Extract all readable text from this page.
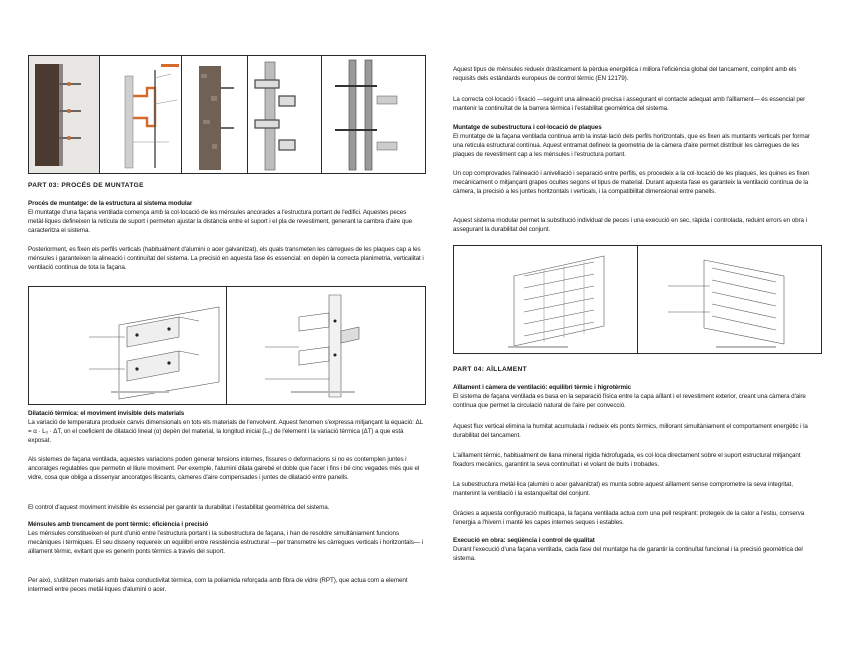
PART 03: PROCÉS DE MUNTATGE

Procés de muntatge: de la estructura al sistema modular

El muntatge d'una façana ventilada comença amb la col·locació de les ménsules ancorades a l'estructura portant de l'edifici. Aquestes peces metàl·liques defineixen la retícula de suport i permeten ajustar la distància entre el suport i el pla de revestiment, generant la cambra d'aire que caracteritza el sistema.

Posteriorment, es fixen els perfils verticals (habitualment d'alumini o acer galvanitzat), els quals transmeten les càrregues de les plaques cap a les ménsules i garanteixen la alineació i continuïtat del sistema. La precisió en aquesta fase és essencial: en depèn la correcta planimetria, verticalitat i ventilació contínua de tota la façana.

Dilatació tèrmica: el moviment invisible dels materials

La variació de temperatura produeix canvis dimensionals en tots els materials de l'envolvent. Aquest fenomen s'expressa mitjançant la equació: ΔL = α · L₀ · ΔT, on el coeficient de dilatació lineal (α) depèn del material, la longitud inicial (L₀) de l'element i la variació tèrmica (ΔT) a que està exposat.

Als sistemes de façana ventilada, aquestes variacions poden generar tensions internes, fissures o deformacions si no es contemplen juntes i ancoratges regulables que permetin el lliure moviment. Per exemple, l'alumini dilata gairebé el doble que l'acer i fins i bé cinc vegades més que el vidre, cosa que obliga a dissenyar ancoratges lliscants, càmeres d'aire compensades i juntes de dilatació entre panells.

El control d'aquest moviment invisible és essencial per garantir la durabilitat i l'estabilitat geomètrica del sistema.

Ménsules amb trencament de pont tèrmic: eficiència i precisió

Les ménsules constitueixen el punt d'unió entre l'estructura portant i la subestructura de façana, i han de resoldre simultàniament funcions mecàniques i tèrmiques. El seu disseny requereix un equilibri entre resistència estructural —per transmetre les càrregues verticals i horitzontals— i aïllament tèrmic, evitant que es generin ponts tèrmics a través del suport.

Per aixó, s'utilitzen materials amb baixa conductivitat tèrmica, com la poliamida reforçada amb fibra de vidre (RPT), que actua com a element intermedi entre peces metàl·liques d'alumini o acer.

Aquest tipus de ménsules redueix dràsticament la pèrdua energètica i millora l'eficiència global del tancament, complint amb els requisits dels estàndards europeus de control tèrmic (EN 12179).

La correcta col·locació i fixació —seguint una alineació precisa i assegurant el contacte adequat amb l'aïllament— és essencial per mantenir la continuïtat de la barrera tèrmica i l'estabilitat geomètrica del sistema.

Muntatge de subestructura i col·locació de plaques

El muntatge de la façana ventilada continua amb la instal·lació dels perfils horitzontals, que es fixen als muntants verticals per formar una retícula estructural contínua. Aquest entramat defineix la geometria de la càmera d'aire permet distribuir les càrregues de les plaques de revestiment cap a les ménsules i l'estructura portant.

Un cop comprovades l'alineació i anivellació i separació entre perfils, es procedeix a la col·locació de les plaques, les quines es fixen mecànicament o mitjançant grapes ocultes segons el tipus de material. Durant aquesta fase es garanteix la ventilació contínua de la càmera, la precisió a les juntes horitzontals i verticals, i la compatibilitat dimensional entre panells.

Aquest sistema modular permet la substitució individual de peces i una execució en sec, ràpida i controlada, reduint errors en obra i assegurant la durabilitat del conjunt.

PART 04: AÏLLAMENT

Aïllament i càmera de ventilació: equilibri tèrmic i higrotèrmic

El sistema de façana ventilada es basa en la separació física entre la capa aïllant i el revestiment exterior, creant una càmera d'aire contínua que permet la circulació natural de l'aire per convecció.

Aquest flux vertical elimina la humitat acumulada i redueix els ponts tèrmics, millorant simultàniament el comportament energètic i la durabilitat del tancament.

L'aïllament tèrmic, habitualment de llana mineral rígida hidrofugada, es col·loca directament sobre el suport estructural mitjançant fixadors mecànics, garantint la seva continuïtat i el volant de buits i trobades.

La subestructura metàl·lica (alumini o acer galvanitzat) es munta sobre aquest aïllament sense comprometre la seva integritat, mantenint la ventilació i la estanqueïtat del conjunt.

Gràcies a aquesta configuració multicapa, la façana ventilada actua com una pell respirant: protegeix de la calor a l'estiu, conserva l'energia a l'hivern i manté les capes internes seques i estables.

Execució en obra: seqüència i control de qualitat

Durant l'execució d'una façana ventilada, cada fase del muntatge ha de garantir la continuïtat funcional i la precisió geomètrica del sistema.
